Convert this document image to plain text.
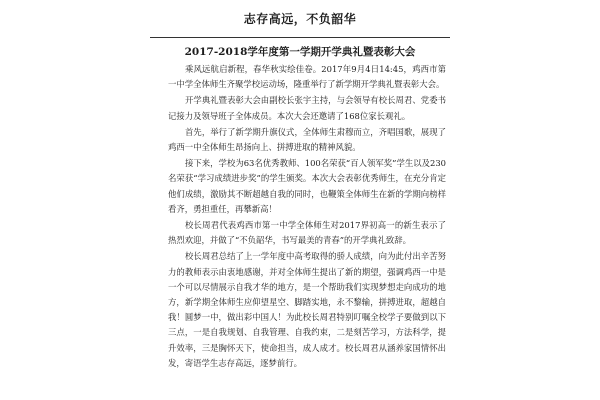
志存高远，不负韶华
2017-2018学年度第一学期开学典礼暨表彰大会

乘风远航启新程，春华秋实绘佳卷。2017年9月4日14:45，鸡西市第一中学全体师生齐聚学校运动场，隆重举行了新学期开学典礼暨表彰大会。

开学典礼暨表彰大会由副校长张宇主持，与会领导有校长周君、党委书记接力及领导班子全体成员。本次大会还邀请了168位家长观礼。

首先，举行了新学期升旗仪式，全体师生肃穆而立，齐唱国歌，展现了鸡西一中全体师生昂扬向上、拼搏进取的精神风貌。

接下来，学校为63名优秀教师、100名荣获“百人领军奖”学生以及230名荣获“学习成绩进步奖”的学生颁奖。本次大会表彰优秀师生，在充分肯定他们成绩，激励其不断超越自我的同时，也鞭策全体师生在新的学期向榜样看齐，勇担重任，再攀新高！

校长周君代表鸡西市第一中学全体师生对2017界初高一的新生表示了热烈欢迎，并做了“不负韶华，书写最美的青春”的开学典礼致辞。

校长周君总结了上一学年度中高考取得的骄人成绩，向为此付出辛苦努力的教师表示由衷地感谢，并对全体师生提出了新的期望，强调鸡西一中是一个可以尽情展示自我才华的地方，是一个帮助我们实现梦想走向成功的地方，新学期全体师生应仰望星空、脚踏实地，永不黎输，拼搏进取，超越自我！圆梦一中，做出彩中国人！为此校长周君特别叮嘱全校学子要做到以下三点，一是自我规划、自我管理、自我约束，二是刻苦学习，方法科学，提升效率，三是胸怀天下，使命担当，成人成才。校长周君从涵养家国情怀出发，寄语学生志存高远，逐梦前行。
